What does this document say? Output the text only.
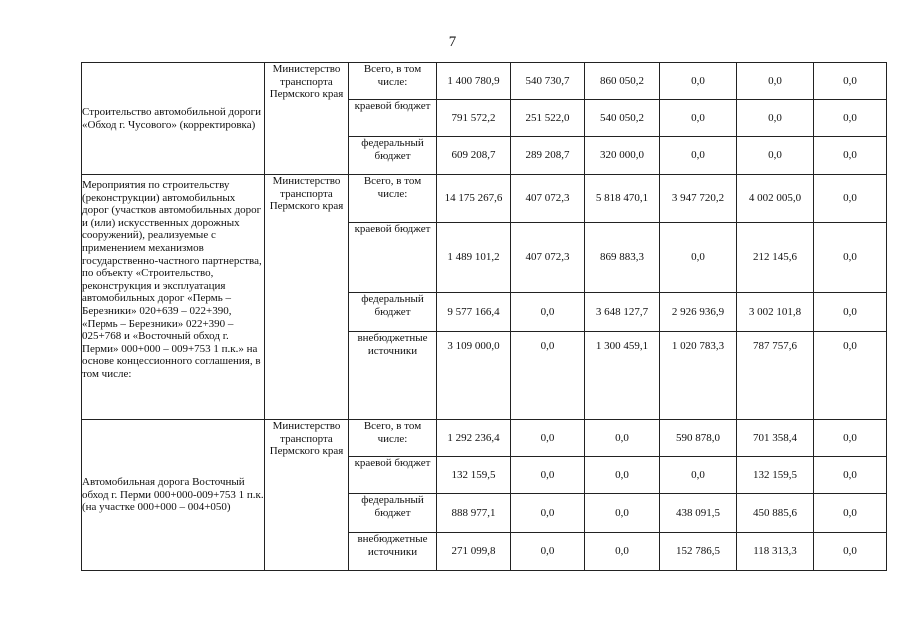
7
Строительство автомобильной дороги «Обход г. Чусового» (корректировка)	Министерство транспорта Пермского края	Всего, в том числе:	1 400 780,9	540 730,7	860 050,2	0,0	0,0	0,0
		краевой бюджет	791 572,2	251 522,0	540 050,2	0,0	0,0	0,0
		федеральный бюджет	609 208,7	289 208,7	320 000,0	0,0	0,0	0,0
Мероприятия по строительству (реконструкции) автомобильных дорог (участков автомобильных дорог и (или) искусственных дорожных сооружений), реализуемые с применением механизмов государственно-частного партнерства, по объекту «Строительство, реконструкция и эксплуатация автомобильных дорог «Пермь – Березники» 020+639 – 022+390, «Пермь – Березники» 022+390 – 025+768 и «Восточный обход г. Перми» 000+000 – 009+753 1 п.к.» на основе концессионного соглашения, в том числе:	Министерство транспорта Пермского края	Всего, в том числе:	14 175 267,6	407 072,3	5 818 470,1	3 947 720,2	4 002 005,0	0,0
		краевой бюджет	1 489 101,2	407 072,3	869 883,3	0,0	212 145,6	0,0
		федеральный бюджет	9 577 166,4	0,0	3 648 127,7	2 926 936,9	3 002 101,8	0,0
		внебюджетные источники	3 109 000,0	0,0	1 300 459,1	1 020 783,3	787 757,6	0,0
Автомобильная дорога Восточный обход г. Перми 000+000-009+753 1 п.к. (на участке 000+000 – 004+050)	Министерство транспорта Пермского края	Всего, в том числе:	1 292 236,4	0,0	0,0	590 878,0	701 358,4	0,0
		краевой бюджет	132 159,5	0,0	0,0	0,0	132 159,5	0,0
		федеральный бюджет	888 977,1	0,0	0,0	438 091,5	450 885,6	0,0
		внебюджетные источники	271 099,8	0,0	0,0	152 786,5	118 313,3	0,0
